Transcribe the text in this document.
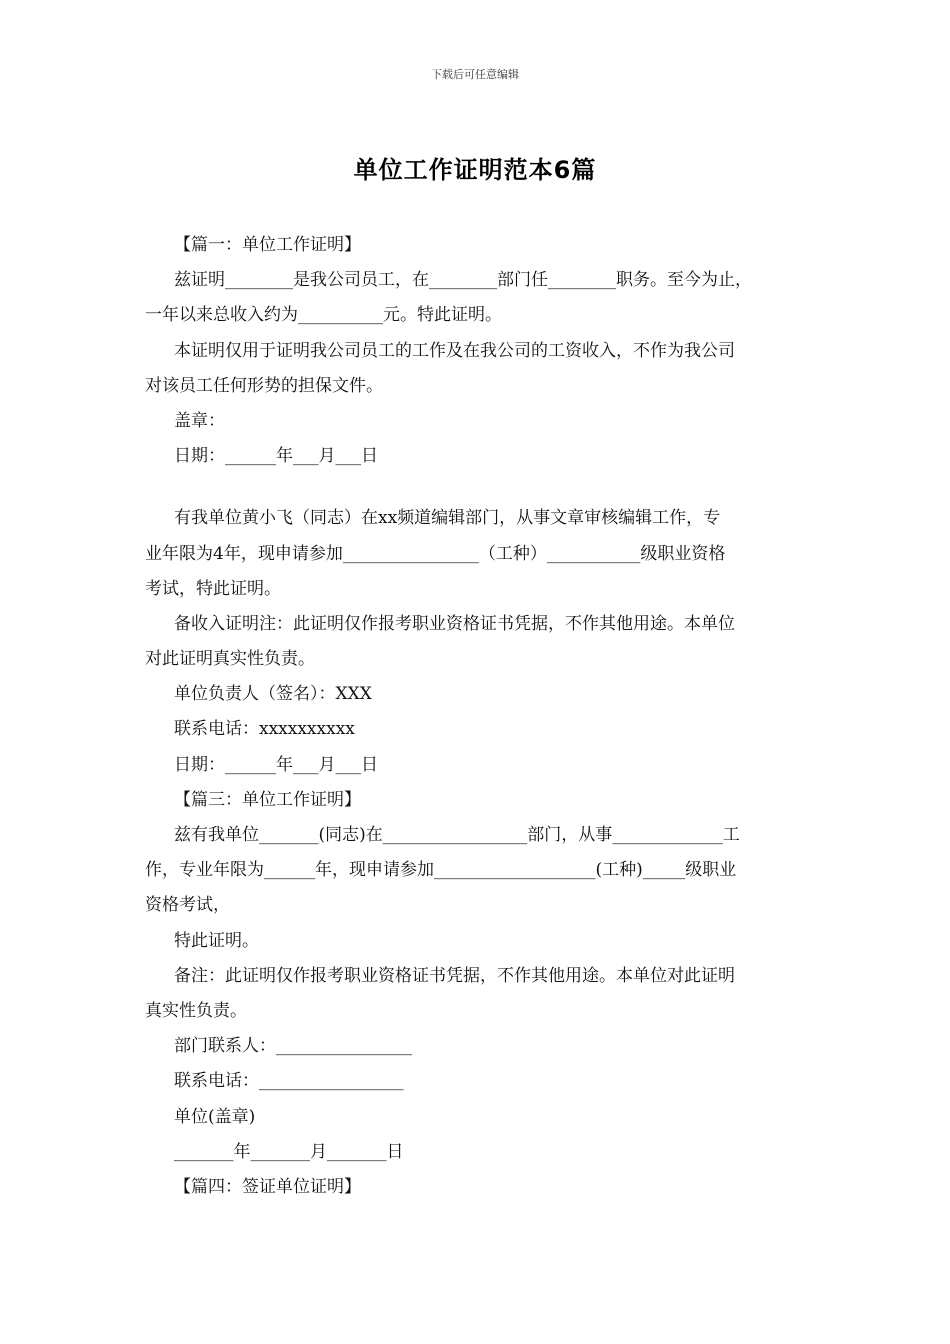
下载后可任意编辑
单位工作证明范本6篇
【篇一：单位工作证明】
兹证明________是我公司员工，在________部门任________职务。至今为止，
一年以来总收入约为__________元。特此证明。
本证明仅用于证明我公司员工的工作及在我公司的工资收入，不作为我公司
对该员工任何形势的担保文件。
盖章：
日期：______年___月___日
有我单位黄小飞（同志）在xx频道编辑部门，从事文章审核编辑工作，专
业年限为4年，现申请参加________________（工种）___________级职业资格
考试，特此证明。
备收入证明注：此证明仅作报考职业资格证书凭据，不作其他用途。本单位
对此证明真实性负责。
单位负责人（签名）：XXX
联系电话：xxxxxxxxxx
日期：______年___月___日
【篇三：单位工作证明】
兹有我单位_______(同志)在_________________部门，从事_____________工
作，专业年限为______年，现申请参加___________________(工种)_____级职业
资格考试，
特此证明。
备注：此证明仅作报考职业资格证书凭据，不作其他用途。本单位对此证明
真实性负责。
部门联系人：________________
联系电话：_________________
单位(盖章)
_______年_______月_______日
【篇四：签证单位证明】
